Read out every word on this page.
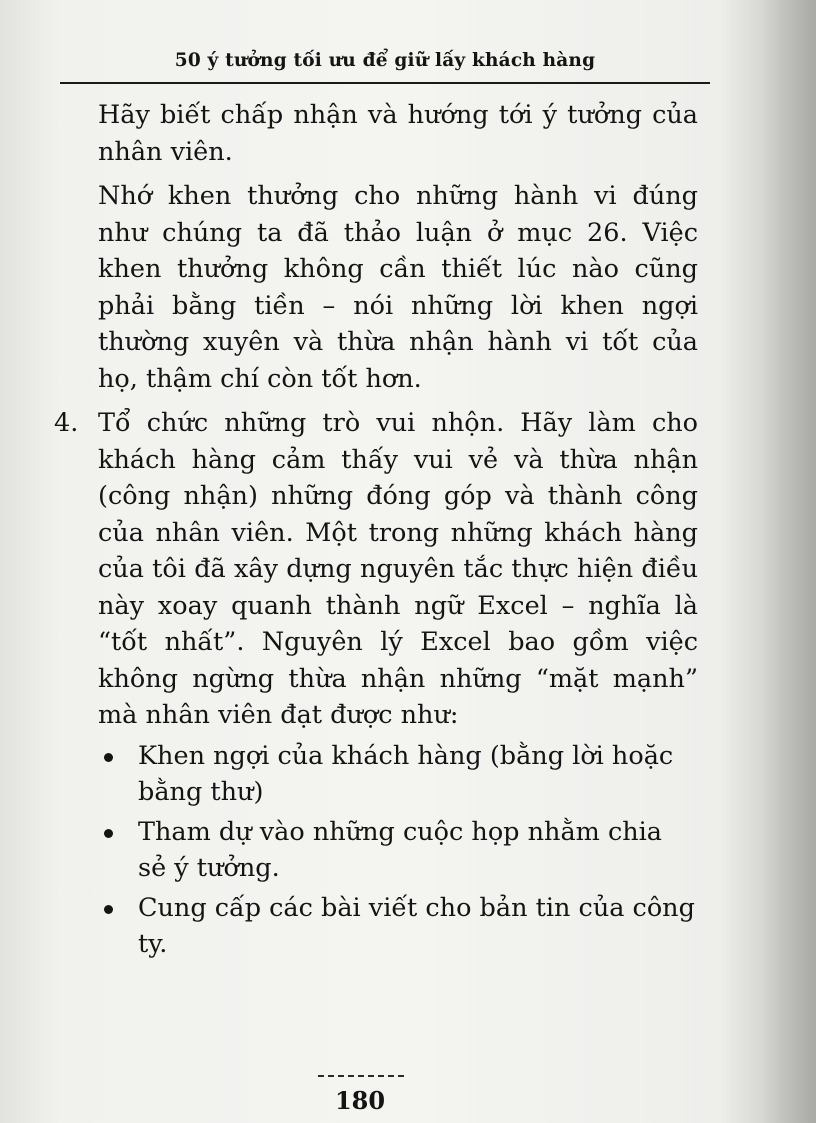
50 ý tưởng tối ưu để giữ lấy khách hàng

Hãy biết chấp nhận và hướng tới ý tưởng của nhân viên.

Nhớ khen thưởng cho những hành vi đúng như chúng ta đã thảo luận ở mục 26. Việc khen thưởng không cần thiết lúc nào cũng phải bằng tiền – nói những lời khen ngợi thường xuyên và thừa nhận hành vi tốt của họ, thậm chí còn tốt hơn.

4. Tổ chức những trò vui nhộn. Hãy làm cho khách hàng cảm thấy vui vẻ và thừa nhận (công nhận) những đóng góp và thành công của nhân viên. Một trong những khách hàng của tôi đã xây dựng nguyên tắc thực hiện điều này xoay quanh thành ngữ Excel – nghĩa là “tốt nhất”. Nguyên lý Excel bao gồm việc không ngừng thừa nhận những “mặt mạnh” mà nhân viên đạt được như:
Khen ngợi của khách hàng (bằng lời hoặc bằng thư)
Tham dự vào những cuộc họp nhằm chia sẻ ý tưởng.
Cung cấp các bài viết cho bản tin của công ty.
180
